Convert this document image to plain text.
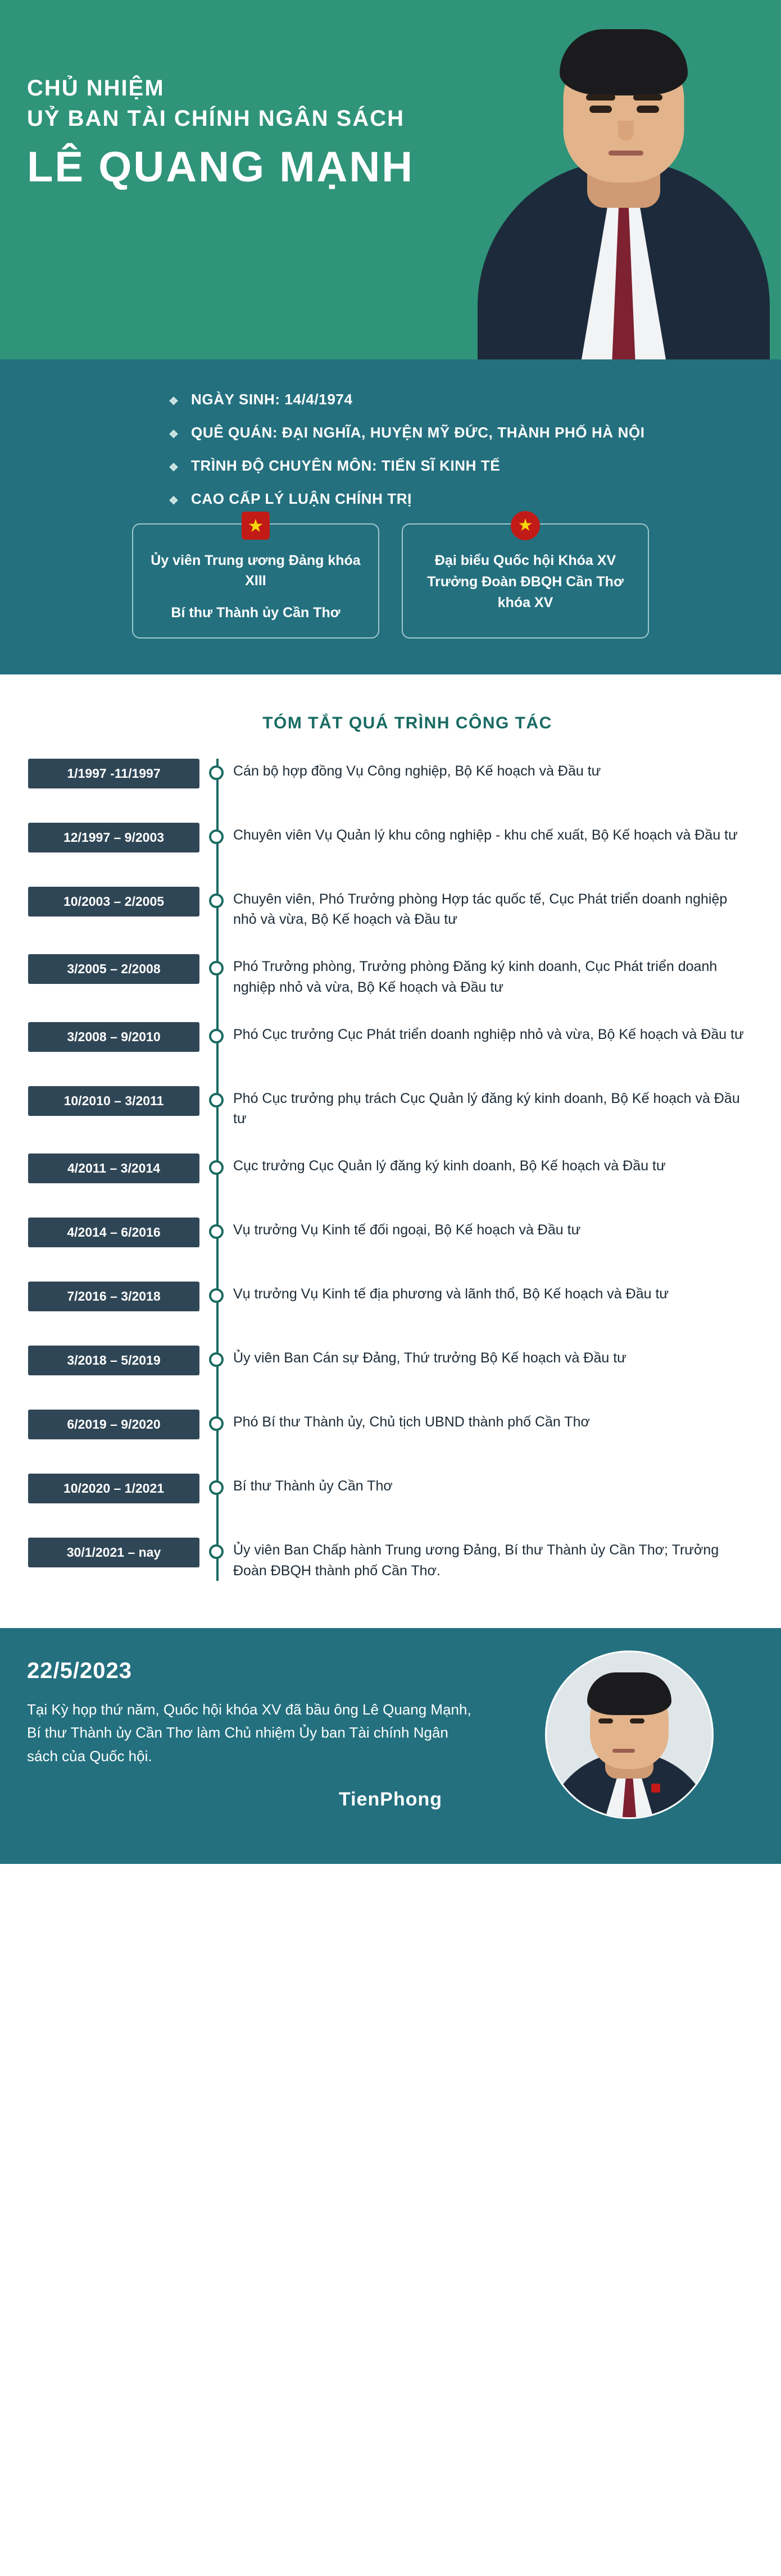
CHỦ NHIỆM
UỶ BAN TÀI CHÍNH NGÂN SÁCH
LÊ QUANG MẠNH
❖ NGÀY SINH: 14/4/1974
❖ QUÊ QUÁN: ĐẠI NGHĨA, HUYỆN MỸ ĐỨC, THÀNH PHỐ HÀ NỘI
❖ TRÌNH ĐỘ CHUYÊN MÔN: TIẾN SĨ KINH TẾ
❖ CAO CẤP LÝ LUẬN CHÍNH TRỊ
★
Ủy viên Trung ương Đảng khóa XIII
Bí thư Thành ủy Cần Thơ
★
Đại biểu Quốc hội Khóa XV
Trưởng Đoàn ĐBQH Cần Thơ khóa XV
TÓM TẮT QUÁ TRÌNH CÔNG TÁC
1/1997 -11/1997	Cán bộ hợp đồng Vụ Công nghiệp, Bộ Kế hoạch và Đầu tư
12/1997 – 9/2003	Chuyên viên Vụ Quản lý khu công nghiệp - khu chế xuất, Bộ Kế hoạch và Đầu tư
10/2003 – 2/2005	Chuyên viên, Phó Trưởng phòng Hợp tác quốc tế, Cục Phát triển doanh nghiệp nhỏ và vừa, Bộ Kế hoạch và Đầu tư
3/2005 – 2/2008	Phó Trưởng phòng, Trưởng phòng Đăng ký kinh doanh, Cục Phát triển doanh nghiệp nhỏ và vừa, Bộ Kế hoạch và Đầu tư
3/2008 – 9/2010	Phó Cục trưởng Cục Phát triển doanh nghiệp nhỏ và vừa, Bộ Kế hoạch và Đầu tư
10/2010 – 3/2011	Phó Cục trưởng phụ trách Cục Quản lý đăng ký kinh doanh, Bộ Kế hoạch và Đầu tư
4/2011 – 3/2014	Cục trưởng Cục Quản lý đăng ký kinh doanh, Bộ Kế hoạch và Đầu tư
4/2014 – 6/2016	Vụ trưởng Vụ Kinh tế đối ngoại, Bộ Kế hoạch và Đầu tư
7/2016 – 3/2018	Vụ trưởng Vụ Kinh tế địa phương và lãnh thổ, Bộ Kế hoạch và Đầu tư
3/2018 – 5/2019	Ủy viên Ban Cán sự Đảng, Thứ trưởng Bộ Kế hoạch và Đầu tư
6/2019 – 9/2020	Phó Bí thư Thành ủy, Chủ tịch UBND thành phố Cần Thơ
10/2020 – 1/2021	Bí thư Thành ủy Cần Thơ
30/1/2021 – nay	Ủy viên Ban Chấp hành Trung ương Đảng, Bí thư Thành ủy Cần Thơ; Trưởng Đoàn ĐBQH thành phố Cần Thơ.
22/5/2023
Tại Kỳ họp thứ năm, Quốc hội khóa XV đã bầu ông Lê Quang Mạnh, Bí thư Thành ủy Cần Thơ làm Chủ nhiệm Ủy ban Tài chính Ngân sách của Quốc hội.
TienPhong
